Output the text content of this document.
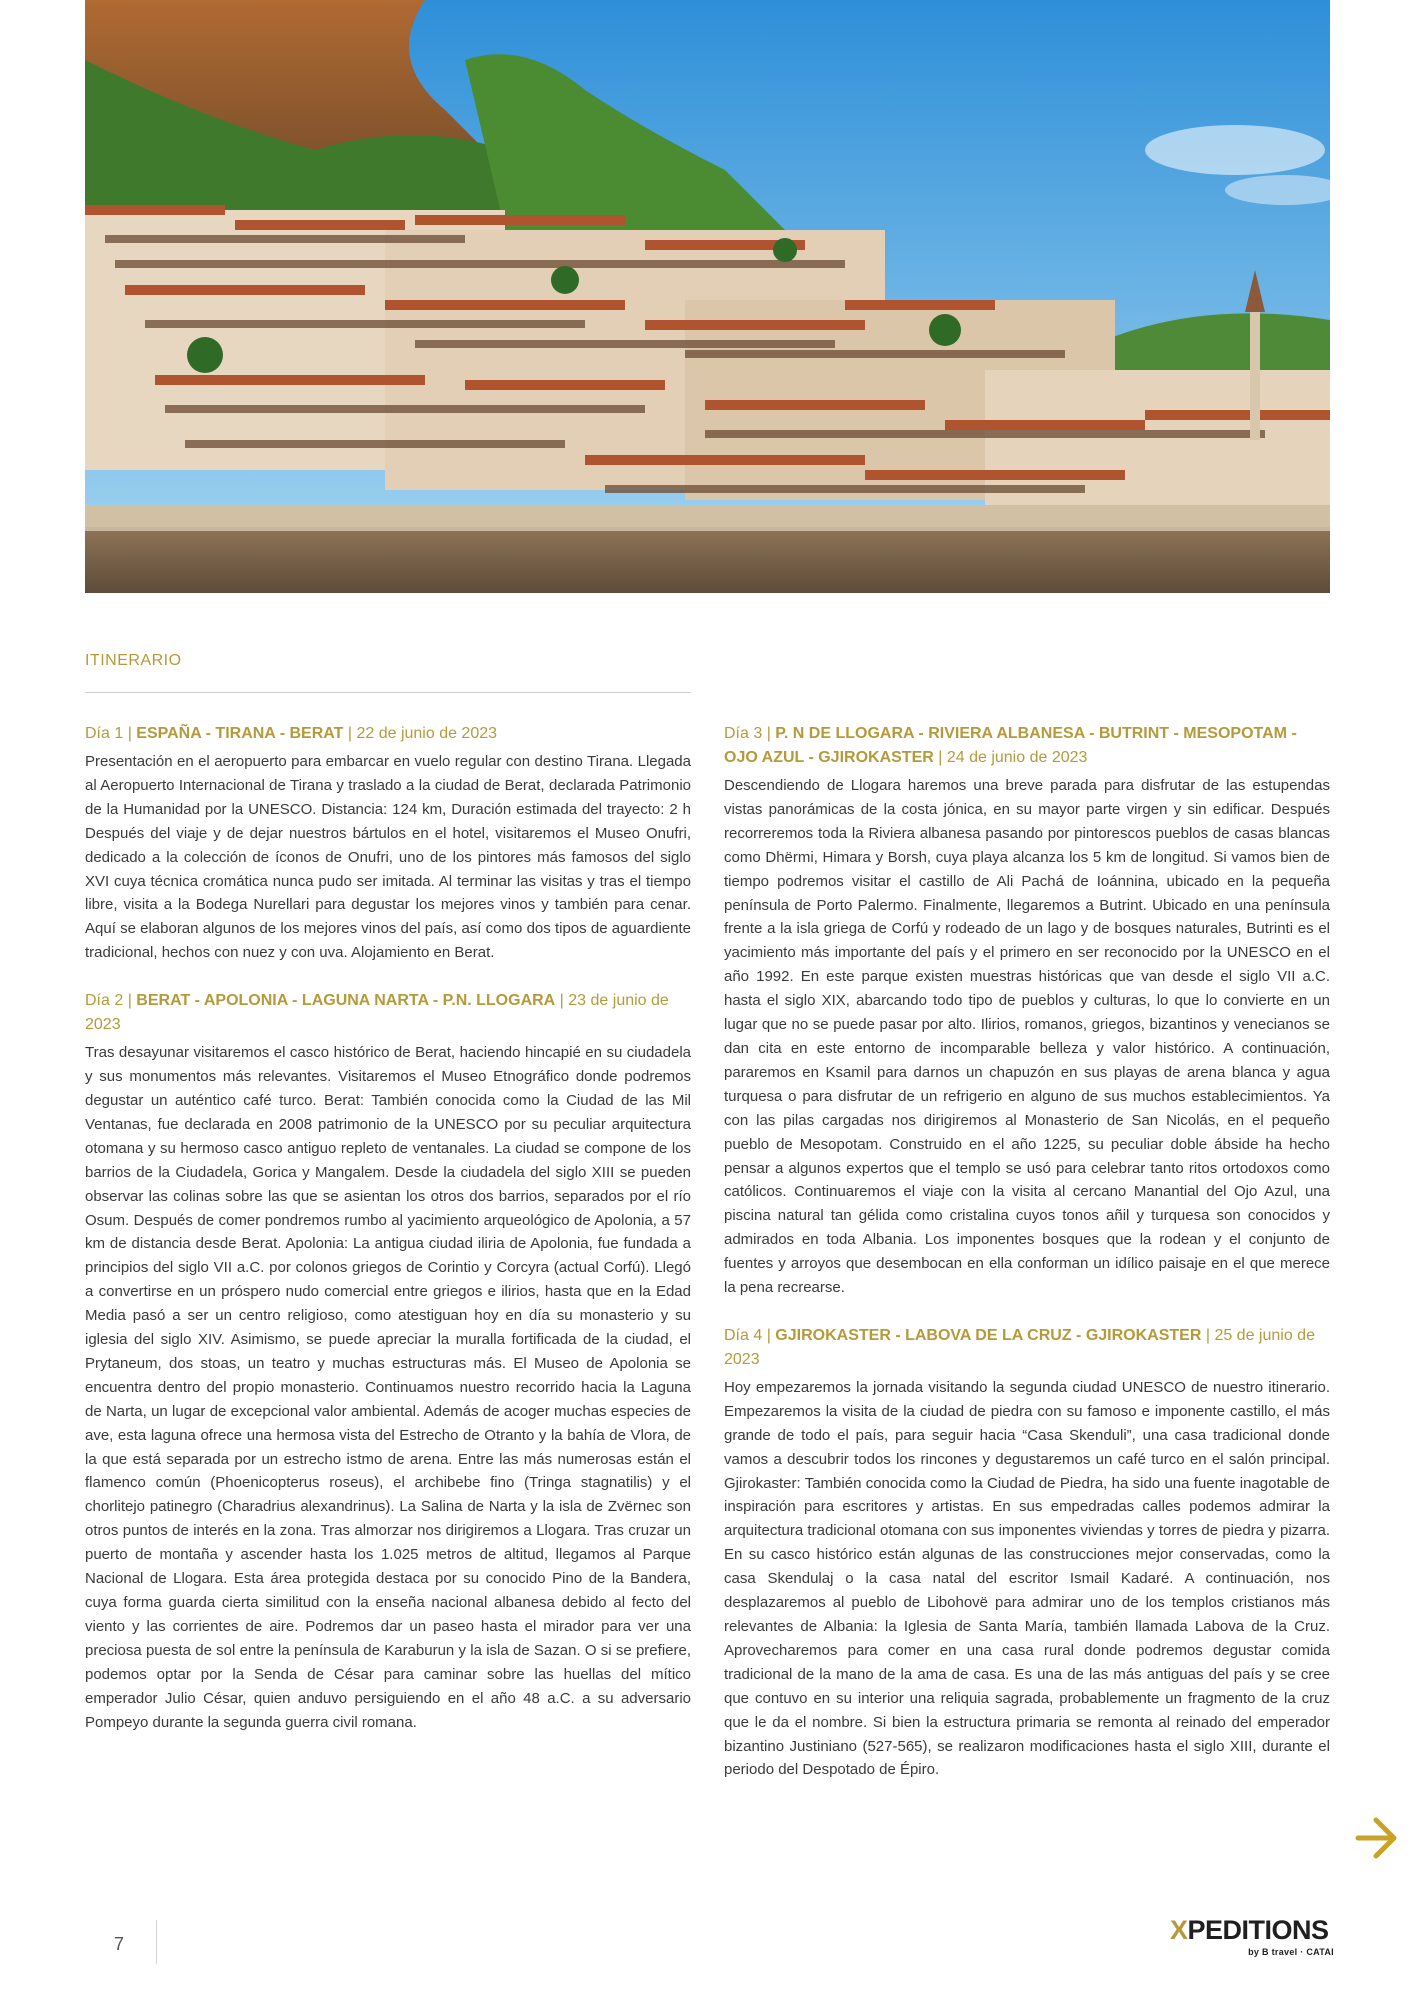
ITINERARIO
Día 1 | ESPAÑA - TIRANA - BERAT | 22 de junio de 2023

Presentación en el aeropuerto para embarcar en vuelo regular con destino Tirana. Llegada al Aeropuerto Internacional de Tirana y traslado a la ciudad de Berat, declarada Patrimonio de la Humanidad por la UNESCO. Distancia: 124 km, Duración estimada del trayecto: 2 h Después del viaje y de dejar nuestros bártulos en el hotel, visitaremos el Museo Onufri, dedicado a la colección de íconos de Onufri, uno de los pintores más famosos del siglo XVI cuya técnica cromática nunca pudo ser imitada. Al terminar las visitas y tras el tiempo libre, visita a la Bodega Nurellari para degustar los mejores vinos y también para cenar. Aquí se elaboran algunos de los mejores vinos del país, así como dos tipos de aguardiente tradicional, hechos con nuez y con uva. Alojamiento en Berat.

Día 2 | BERAT - APOLONIA - LAGUNA NARTA - P.N. LLOGARA | 23 de junio de 2023

Tras desayunar visitaremos el casco histórico de Berat, haciendo hincapié en su ciudadela y sus monumentos más relevantes. Visitaremos el Museo Etnográfico donde podremos degustar un auténtico café turco. Berat: También conocida como la Ciudad de las Mil Ventanas, fue declarada en 2008 patrimonio de la UNESCO por su peculiar arquitectura otomana y su hermoso casco antiguo repleto de ventanales. La ciudad se compone de los barrios de la Ciudadela, Gorica y Mangalem. Desde la ciudadela del siglo XIII se pueden observar las colinas sobre las que se asientan los otros dos barrios, separados por el río Osum. Después de comer pondremos rumbo al yacimiento arqueológico de Apolonia, a 57 km de distancia desde Berat. Apolonia: La antigua ciudad iliria de Apolonia, fue fundada a principios del siglo VII a.C. por colonos griegos de Corintio y Corcyra (actual Corfú). Llegó a convertirse en un próspero nudo comercial entre griegos e ilirios, hasta que en la Edad Media pasó a ser un centro religioso, como atestiguan hoy en día su monasterio y su iglesia del siglo XIV. Asimismo, se puede apreciar la muralla fortificada de la ciudad, el Prytaneum, dos stoas, un teatro y muchas estructuras más. El Museo de Apolonia se encuentra dentro del propio monasterio. Continuamos nuestro recorrido hacia la Laguna de Narta, un lugar de excepcional valor ambiental. Además de acoger muchas especies de ave, esta laguna ofrece una hermosa vista del Estrecho de Otranto y la bahía de Vlora, de la que está separada por un estrecho istmo de arena. Entre las más numerosas están el flamenco común (Phoenicopterus roseus), el archibebe fino (Tringa stagnatilis) y el chorlitejo patinegro (Charadrius alexandrinus). La Salina de Narta y la isla de Zvërnec son otros puntos de interés en la zona. Tras almorzar nos dirigiremos a Llogara. Tras cruzar un puerto de montaña y ascender hasta los 1.025 metros de altitud, llegamos al Parque Nacional de Llogara. Esta área protegida destaca por su conocido Pino de la Bandera, cuya forma guarda cierta similitud con la enseña nacional albanesa debido al fecto del viento y las corrientes de aire. Podremos dar un paseo hasta el mirador para ver una preciosa puesta de sol entre la península de Karaburun y la isla de Sazan. O si se prefiere, podemos optar por la Senda de César para caminar sobre las huellas del mítico emperador Julio César, quien anduvo persiguiendo en el año 48 a.C. a su adversario Pompeyo durante la segunda guerra civil romana.

Día 3 | P. N DE LLOGARA - RIVIERA ALBANESA - BUTRINT - MESOPOTAM - OJO AZUL - GJIROKASTER | 24 de junio de 2023

Descendiendo de Llogara haremos una breve parada para disfrutar de las estupendas vistas panorámicas de la costa jónica, en su mayor parte virgen y sin edificar. Después recorreremos toda la Riviera albanesa pasando por pintorescos pueblos de casas blancas como Dhërmi, Himara y Borsh, cuya playa alcanza los 5 km de longitud. Si vamos bien de tiempo podremos visitar el castillo de Ali Pachá de Ioánnina, ubicado en la pequeña península de Porto Palermo. Finalmente, llegaremos a Butrint. Ubicado en una península frente a la isla griega de Corfú y rodeado de un lago y de bosques naturales, Butrinti es el yacimiento más importante del país y el primero en ser reconocido por la UNESCO en el año 1992. En este parque existen muestras históricas que van desde el siglo VII a.C. hasta el siglo XIX, abarcando todo tipo de pueblos y culturas, lo que lo convierte en un lugar que no se puede pasar por alto. Ilirios, romanos, griegos, bizantinos y venecianos se dan cita en este entorno de incomparable belleza y valor histórico. A continuación, pararemos en Ksamil para darnos un chapuzón en sus playas de arena blanca y agua turquesa o para disfrutar de un refrigerio en alguno de sus muchos establecimientos. Ya con las pilas cargadas nos dirigiremos al Monasterio de San Nicolás, en el pequeño pueblo de Mesopotam. Construido en el año 1225, su peculiar doble ábside ha hecho pensar a algunos expertos que el templo se usó para celebrar tanto ritos ortodoxos como católicos. Continuaremos el viaje con la visita al cercano Manantial del Ojo Azul, una piscina natural tan gélida como cristalina cuyos tonos añil y turquesa son conocidos y admirados en toda Albania. Los imponentes bosques que la rodean y el conjunto de fuentes y arroyos que desembocan en ella conforman un idílico paisaje en el que merece la pena recrearse.

Día 4 | GJIROKASTER - LABOVA DE LA CRUZ - GJIROKASTER | 25 de junio de 2023

Hoy empezaremos la jornada visitando la segunda ciudad UNESCO de nuestro itinerario. Empezaremos la visita de la ciudad de piedra con su famoso e imponente castillo, el más grande de todo el país, para seguir hacia “Casa Skenduli”, una casa tradicional donde vamos a descubrir todos los rincones y degustaremos un café turco en el salón principal. Gjirokaster: También conocida como la Ciudad de Piedra, ha sido una fuente inagotable de inspiración para escritores y artistas. En sus empedradas calles podemos admirar la arquitectura tradicional otomana con sus imponentes viviendas y torres de piedra y pizarra. En su casco histórico están algunas de las construcciones mejor conservadas, como la casa Skendulaj o la casa natal del escritor Ismail Kadaré. A continuación, nos desplazaremos al pueblo de Libohovë para admirar uno de los templos cristianos más relevantes de Albania: la Iglesia de Santa María, también llamada Labova de la Cruz. Aprovecharemos para comer en una casa rural donde podremos degustar comida tradicional de la mano de la ama de casa. Es una de las más antiguas del país y se cree que contuvo en su interior una reliquia sagrada, probablemente un fragmento de la cruz que le da el nombre. Si bien la estructura primaria se remonta al reinado del emperador bizantino Justiniano (527-565), se realizaron modificaciones hasta el siglo XIII, durante el periodo del Despotado de Épiro.

7	XPEDITIONS
by B travel · CATAI
